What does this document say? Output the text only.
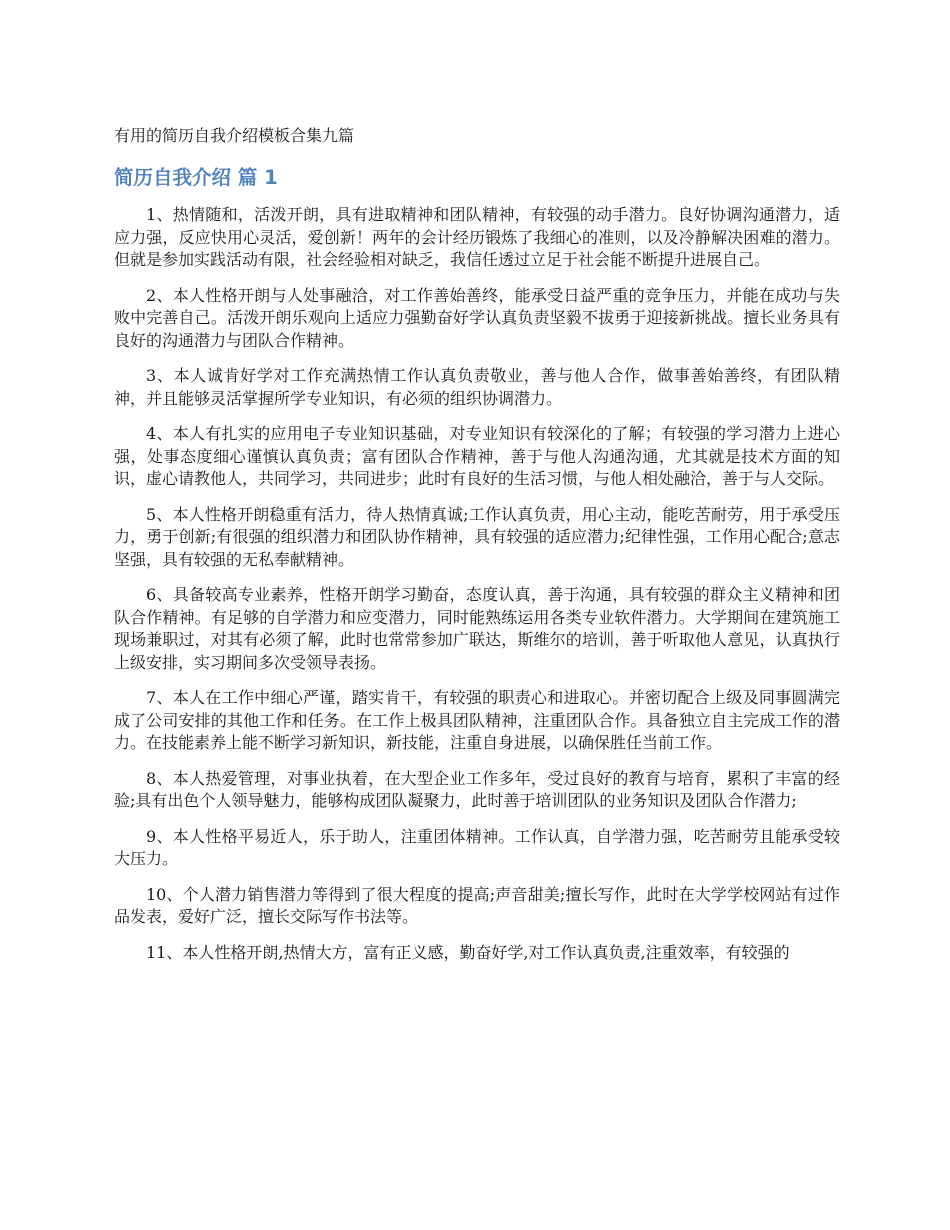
有用的简历自我介绍模板合集九篇
简历自我介绍 篇 1

1、热情随和，活泼开朗，具有进取精神和团队精神，有较强的动手潜力。良好协调沟通潜力，适应力强，反应快用心灵活，爱创新！两年的会计经历锻炼了我细心的准则，以及冷静解决困难的潜力。但就是参加实践活动有限，社会经验相对缺乏，我信任透过立足于社会能不断提升进展自己。

2、本人性格开朗与人处事融洽，对工作善始善终，能承受日益严重的竞争压力，并能在成功与失败中完善自己。活泼开朗乐观向上适应力强勤奋好学认真负责坚毅不拔勇于迎接新挑战。擅长业务具有良好的沟通潜力与团队合作精神。

3、本人诚肯好学对工作充满热情工作认真负责敬业，善与他人合作，做事善始善终，有团队精神，并且能够灵活掌握所学专业知识，有必须的组织协调潜力。

4、本人有扎实的应用电子专业知识基础，对专业知识有较深化的了解；有较强的学习潜力上进心强，处事态度细心谨慎认真负责；富有团队合作精神，善于与他人沟通沟通，尤其就是技术方面的知识，虚心请教他人，共同学习，共同进步；此时有良好的生活习惯，与他人相处融洽，善于与人交际。

5、本人性格开朗稳重有活力，待人热情真诚;工作认真负责，用心主动，能吃苦耐劳，用于承受压力，勇于创新;有很强的组织潜力和团队协作精神，具有较强的适应潜力;纪律性强，工作用心配合;意志坚强，具有较强的无私奉献精神。

6、具备较高专业素养，性格开朗学习勤奋，态度认真，善于沟通，具有较强的群众主义精神和团队合作精神。有足够的自学潜力和应变潜力，同时能熟练运用各类专业软件潜力。大学期间在建筑施工现场兼职过，对其有必须了解，此时也常常参加广联达，斯维尔的培训，善于听取他人意见，认真执行上级安排，实习期间多次受领导表扬。

7、本人在工作中细心严谨，踏实肯干，有较强的职责心和进取心。并密切配合上级及同事圆满完成了公司安排的其他工作和任务。在工作上极具团队精神，注重团队合作。具备独立自主完成工作的潜力。在技能素养上能不断学习新知识，新技能，注重自身进展，以确保胜任当前工作。

8、本人热爱管理，对事业执着，在大型企业工作多年，受过良好的教育与培育，累积了丰富的经验;具有出色个人领导魅力，能够构成团队凝聚力，此时善于培训团队的业务知识及团队合作潜力;

9、本人性格平易近人，乐于助人，注重团体精神。工作认真，自学潜力强，吃苦耐劳且能承受较大压力。

10、个人潜力销售潜力等得到了很大程度的提高;声音甜美;擅长写作，此时在大学学校网站有过作品发表，爱好广泛，擅长交际写作书法等。

11、本人性格开朗,热情大方，富有正义感，勤奋好学,对工作认真负责,注重效率，有较强的
